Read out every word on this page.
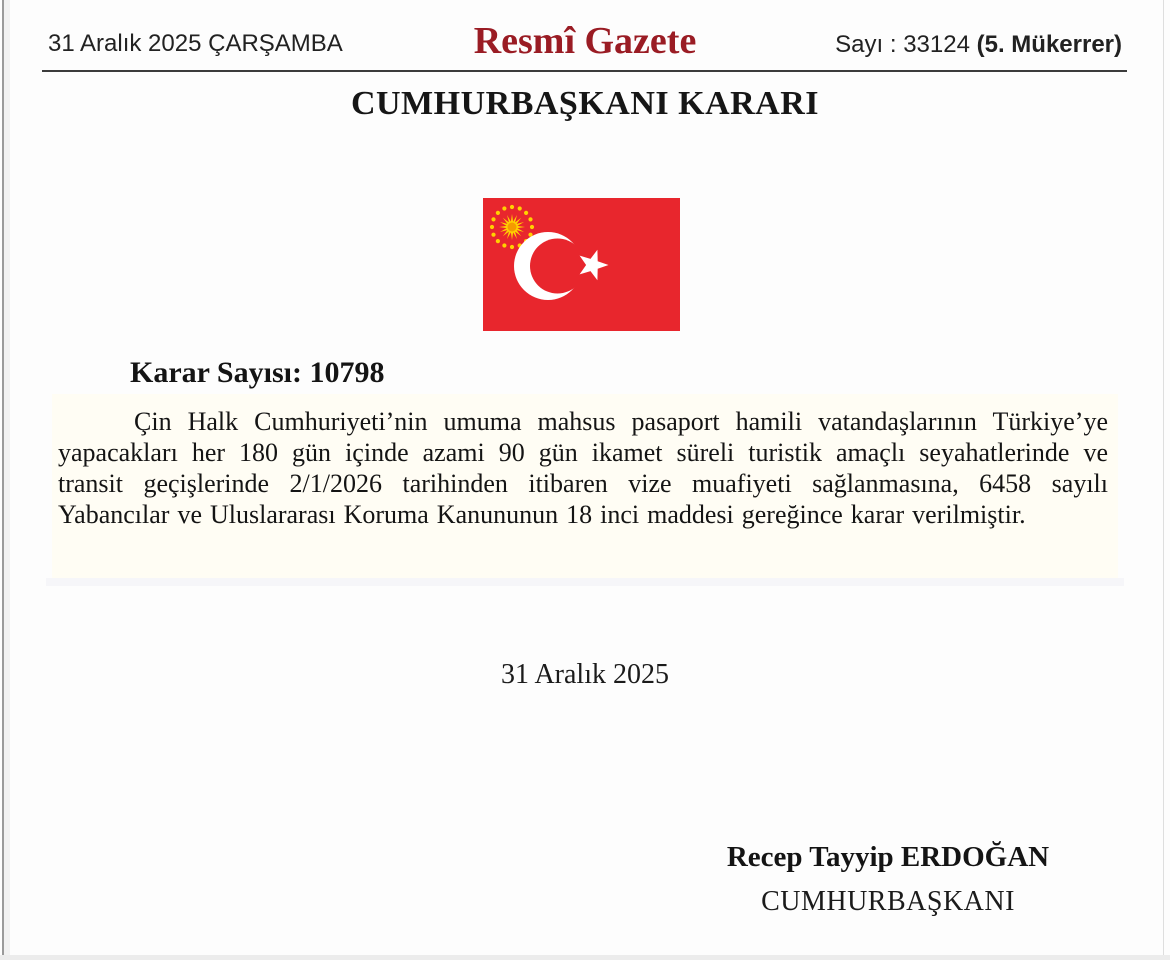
31 Aralık 2025 ÇARŞAMBA	Resmî Gazete	Sayı : 33124 (5. Mükerrer)
CUMHURBAŞKANI KARARI
Karar Sayısı: 10798
Çin Halk Cumhuriyeti’nin umuma mahsus pasaport hamili vatandaşlarının Türkiye’ye
yapacakları her 180 gün içinde azami 90 gün ikamet süreli turistik amaçlı seyahatlerinde ve
transit geçişlerinde 2/1/2026 tarihinden itibaren vize muafiyeti sağlanmasına, 6458 sayılı
Yabancılar ve Uluslararası Koruma Kanununun 18 inci maddesi gereğince karar verilmiştir.
31 Aralık 2025
Recep Tayyip ERDOĞAN
CUMHURBAŞKANI
